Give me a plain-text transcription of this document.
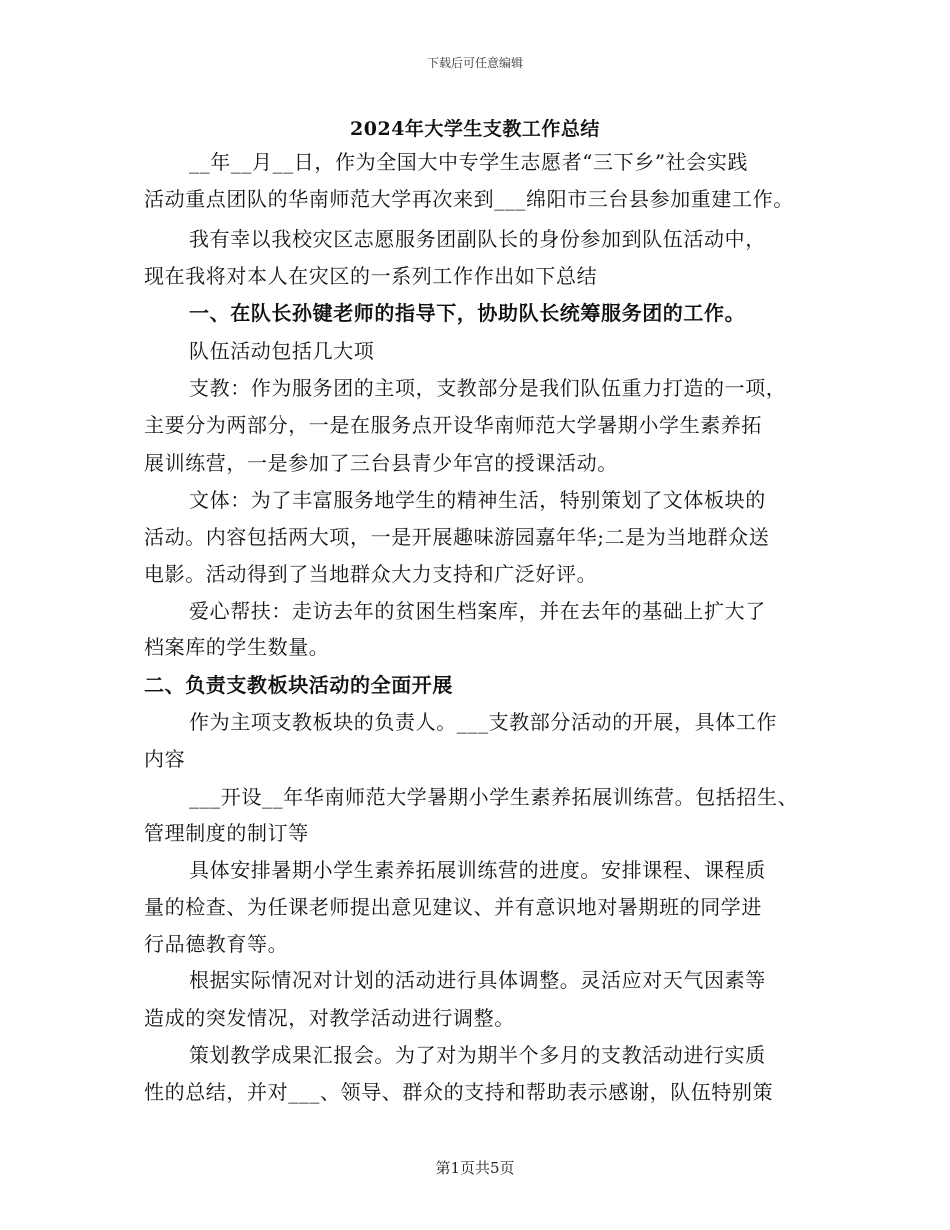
下载后可任意编辑
2024年大学生支教工作总结
__年__月__日，作为全国大中专学生志愿者“三下乡”社会实践
活动重点团队的华南师范大学再次来到___绵阳市三台县参加重建工作。
我有幸以我校灾区志愿服务团副队长的身份参加到队伍活动中，
现在我将对本人在灾区的一系列工作作出如下总结
一、在队长孙键老师的指导下，协助队长统筹服务团的工作。
队伍活动包括几大项
支教：作为服务团的主项，支教部分是我们队伍重力打造的一项，
主要分为两部分，一是在服务点开设华南师范大学暑期小学生素养拓
展训练营，一是参加了三台县青少年宫的授课活动。
文体：为了丰富服务地学生的精神生活，特别策划了文体板块的
活动。内容包括两大项，一是开展趣味游园嘉年华;二是为当地群众送
电影。活动得到了当地群众大力支持和广泛好评。
爱心帮扶：走访去年的贫困生档案库，并在去年的基础上扩大了
档案库的学生数量。
二、负责支教板块活动的全面开展
作为主项支教板块的负责人。___支教部分活动的开展，具体工作
内容
___开设__年华南师范大学暑期小学生素养拓展训练营。包括招生、
管理制度的制订等
具体安排暑期小学生素养拓展训练营的进度。安排课程、课程质
量的检查、为任课老师提出意见建议、并有意识地对暑期班的同学进
行品德教育等。
根据实际情况对计划的活动进行具体调整。灵活应对天气因素等
造成的突发情况，对教学活动进行调整。
策划教学成果汇报会。为了对为期半个多月的支教活动进行实质
性的总结，并对___、领导、群众的支持和帮助表示感谢，队伍特别策
第1页共5页
